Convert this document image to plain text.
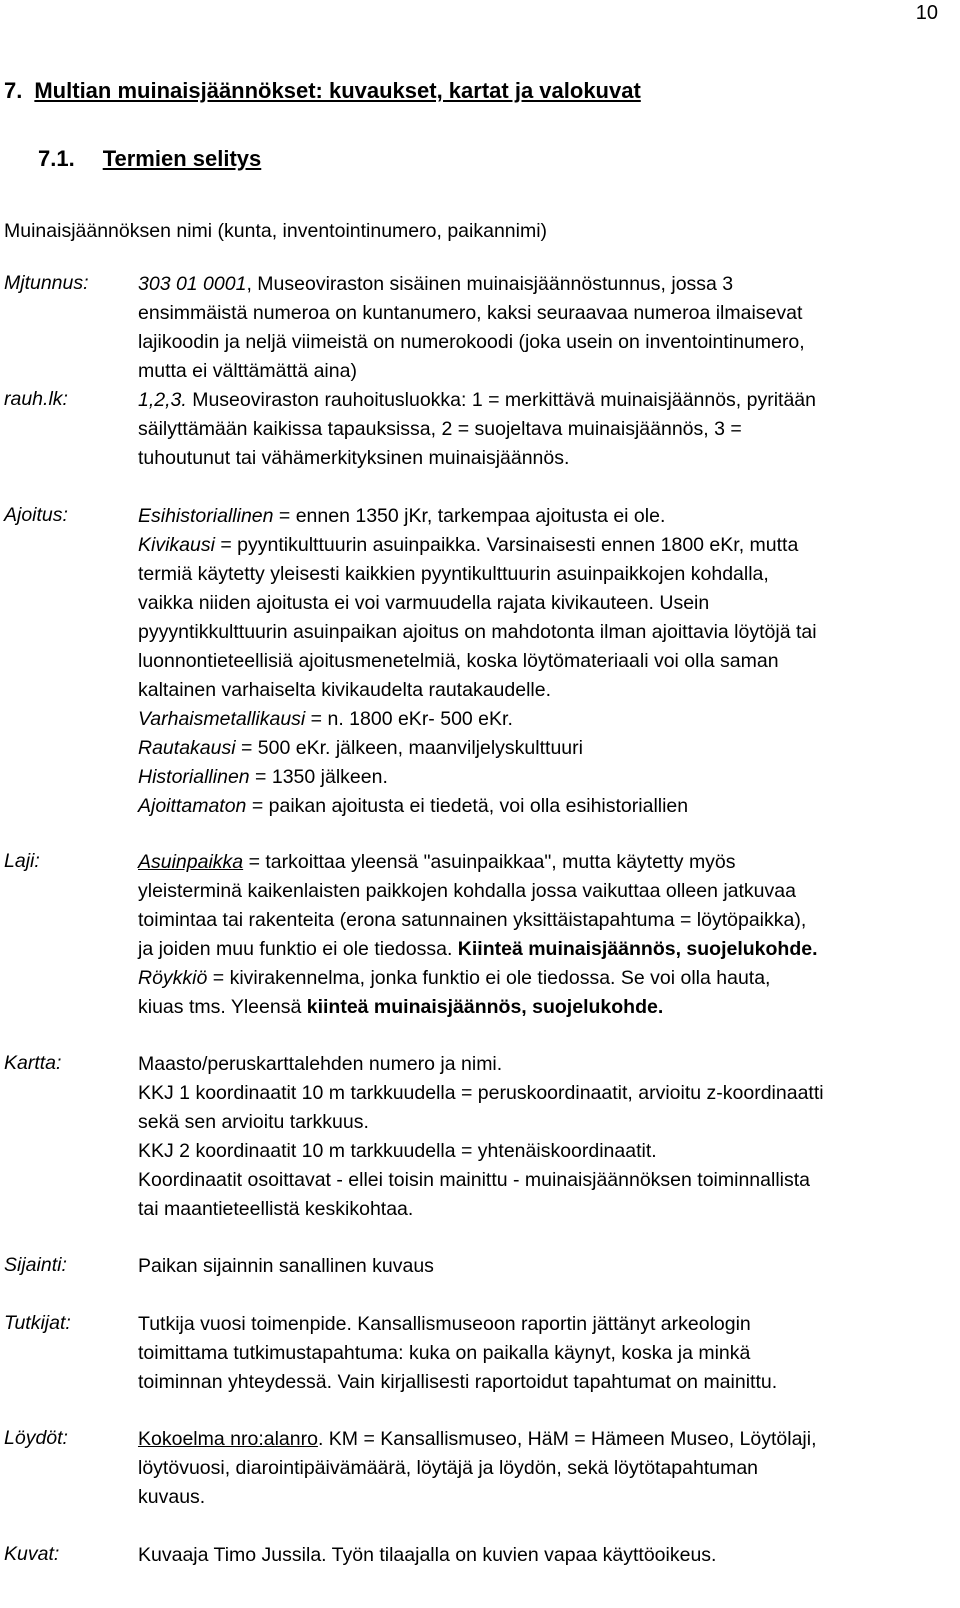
10
7. Multian muinaisjäännökset: kuvaukset, kartat ja valokuvat
7.1. Termien selitys
Muinaisjäännöksen nimi (kunta, inventointinumero, paikannimi)
Mjtunnus:	303 01 0001, Museoviraston sisäinen muinaisjäännöstunnus, jossa 3
ensimmäistä numeroa on kuntanumero, kaksi seuraavaa numeroa ilmaisevat
lajikoodin ja neljä viimeistä on numerokoodi (joka usein on inventointinumero,
mutta ei välttämättä aina)
rauh.lk:	1,2,3. Museoviraston rauhoitusluokka: 1 = merkittävä muinaisjäännös, pyritään
säilyttämään kaikissa tapauksissa, 2 = suojeltava muinaisjäännös, 3 =
tuhoutunut tai vähämerkityksinen muinaisjäännös.
Ajoitus:	Esihistoriallinen = ennen 1350 jKr, tarkempaa ajoitusta ei ole.
Kivikausi = pyyntikulttuurin asuinpaikka. Varsinaisesti ennen 1800 eKr, mutta
termiä käytetty yleisesti kaikkien pyyntikulttuurin asuinpaikkojen kohdalla,
vaikka niiden ajoitusta ei voi varmuudella rajata kivikauteen. Usein
pyyyntikkulttuurin asuinpaikan ajoitus on mahdotonta ilman ajoittavia löytöjä tai
luonnontieteellisiä ajoitusmenetelmiä, koska löytömateriaali voi olla saman
kaltainen varhaiselta kivikaudelta rautakaudelle.
Varhaismetallikausi = n. 1800 eKr- 500 eKr.
Rautakausi = 500 eKr. jälkeen, maanviljelyskulttuuri
Historiallinen = 1350 jälkeen.
Ajoittamaton = paikan ajoitusta ei tiedetä, voi olla esihistoriallien
Laji:	Asuinpaikka = tarkoittaa yleensä "asuinpaikkaa", mutta käytetty myös
yleisterminä kaikenlaisten paikkojen kohdalla jossa vaikuttaa olleen jatkuvaa
toimintaa tai rakenteita (erona satunnainen yksittäistapahtuma = löytöpaikka),
ja joiden muu funktio ei ole tiedossa. Kiinteä muinaisjäännös, suojelukohde.
Röykkiö = kivirakennelma, jonka funktio ei ole tiedossa. Se voi olla hauta,
kiuas tms. Yleensä kiinteä muinaisjäännös, suojelukohde.
Kartta:	Maasto/peruskarttalehden numero ja nimi.
KKJ 1 koordinaatit 10 m tarkkuudella = peruskoordinaatit, arvioitu z-koordinaatti
sekä sen arvioitu tarkkuus.
KKJ 2 koordinaatit 10 m tarkkuudella = yhtenäiskoordinaatit.
Koordinaatit osoittavat - ellei toisin mainittu - muinaisjäännöksen toiminnallista
tai maantieteellistä keskikohtaa.
Sijainti:	Paikan sijainnin sanallinen kuvaus
Tutkijat:	Tutkija vuosi toimenpide. Kansallismuseoon raportin jättänyt arkeologin
toimittama tutkimustapahtuma: kuka on paikalla käynyt, koska ja minkä
toiminnan yhteydessä. Vain kirjallisesti raportoidut tapahtumat on mainittu.
Löydöt:	Kokoelma nro:alanro. KM = Kansallismuseo, HäM = Hämeen Museo, Löytölaji,
löytövuosi, diarointipäivämäärä, löytäjä ja löydön, sekä löytötapahtuman
kuvaus.
Kuvat:	Kuvaaja Timo Jussila. Työn tilaajalla on kuvien vapaa käyttöoikeus.
